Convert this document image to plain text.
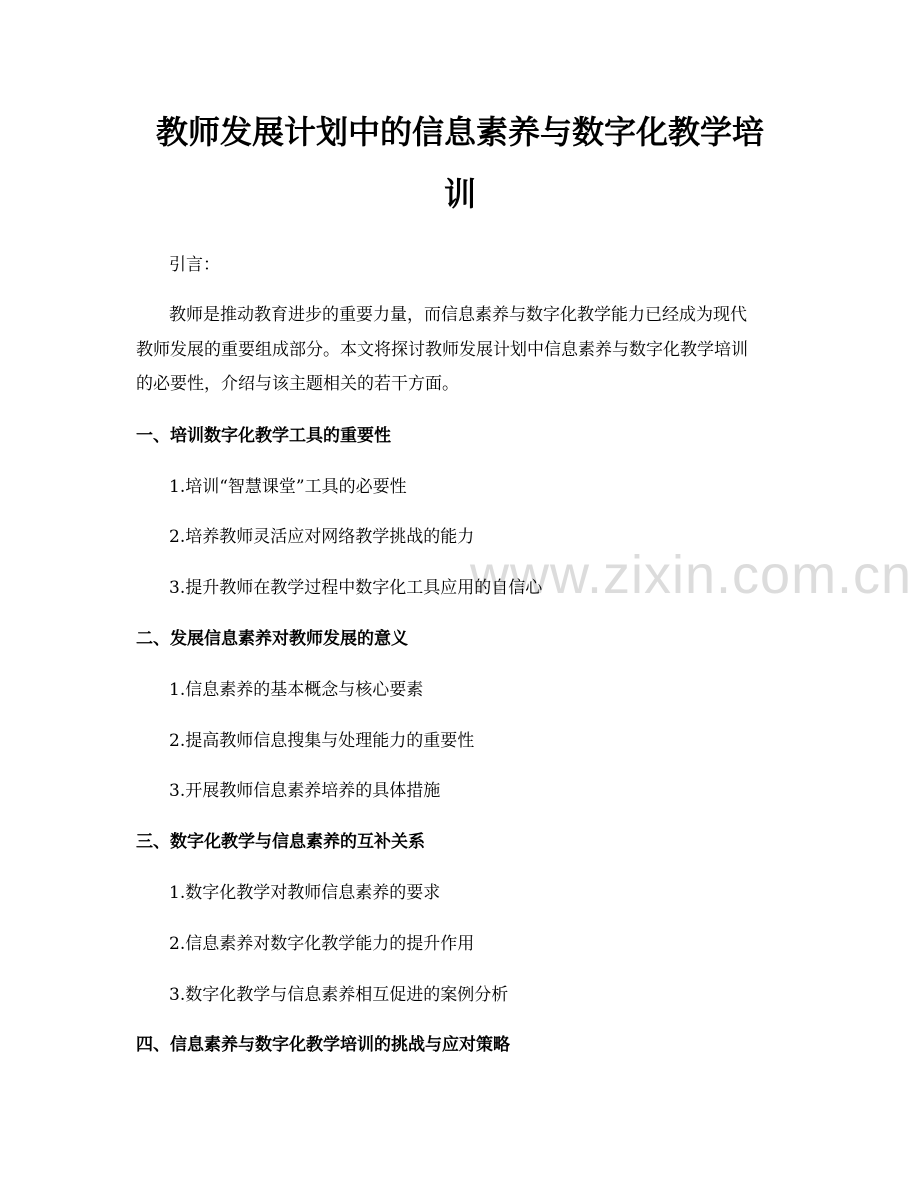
www.zixin.com.cn
教师发展计划中的信息素养与数字化教学培
训

引言：

教师是推动教育进步的重要力量，而信息素养与数字化教学能力已经成为现代

教师发展的重要组成部分。本文将探讨教师发展计划中信息素养与数字化教学培训

的必要性，介绍与该主题相关的若干方面。

一、培训数字化教学工具的重要性

1.培训“智慧课堂”工具的必要性

2.培养教师灵活应对网络教学挑战的能力

3.提升教师在教学过程中数字化工具应用的自信心

二、发展信息素养对教师发展的意义

1.信息素养的基本概念与核心要素

2.提高教师信息搜集与处理能力的重要性

3.开展教师信息素养培养的具体措施

三、数字化教学与信息素养的互补关系

1.数字化教学对教师信息素养的要求

2.信息素养对数字化教学能力的提升作用

3.数字化教学与信息素养相互促进的案例分析

四、信息素养与数字化教学培训的挑战与应对策略
